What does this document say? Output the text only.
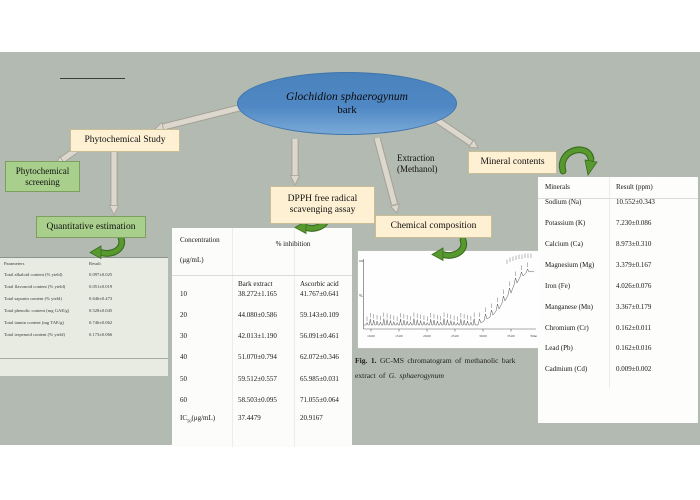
Glochidion sphaerogynum
bark
Phytochemical Study
Phytochemical
screening
Quantitative estimation
DPPH free radical
scavenging assay
Chemical composition
Mineral contents
Extraction
(Methanol)
Parameters	Result
Total alkaloid content (% yield)	0.097±0.025
Total flavonoid content (% yield)	0.051±0.019
Total saponin content (% yield)	0.646±0.473
Total phenolic content (mg GAE/g)	0.528±0.045
Total tannin content (mg TAE/g)	0.746±0.062
Total terpenoid content (% yield)	0.173±0.066
Concentration
(μg/mL)
% inhibition
Bark extract	Ascorbic acid
10	38.272±1.165	41.767±0.641
20	44.080±0.586	59.143±0.109
30	42.013±1.190	56.091±0.461
40	51.070±0.794	62.072±0.346
50	59.512±0.557	65.985±0.031
60	58.503±0.095	71.055±0.064
$IC_{50}(\mu g/mL)$	37.4479	20.9167
100
%
10.00	15.00	20.00	25.00	30.00	35.00	Time
Fig. 1. GC-MS chromatogram of methanolic bark
extract of G. sphaerogynum
Minerals	Result (ppm)
Sodium (Na)	10.552±0.343
Potassium (K)	7.230±0.086
Calcium (Ca)	8.973±0.310
Magnesium (Mg)	3.379±0.167
Iron (Fe)	4.026±0.076
Manganese (Mn)	3.367±0.179
Chromium (Cr)	0.162±0.011
Lead (Pb)	0.162±0.016
Cadmium (Cd)	0.009±0.002
